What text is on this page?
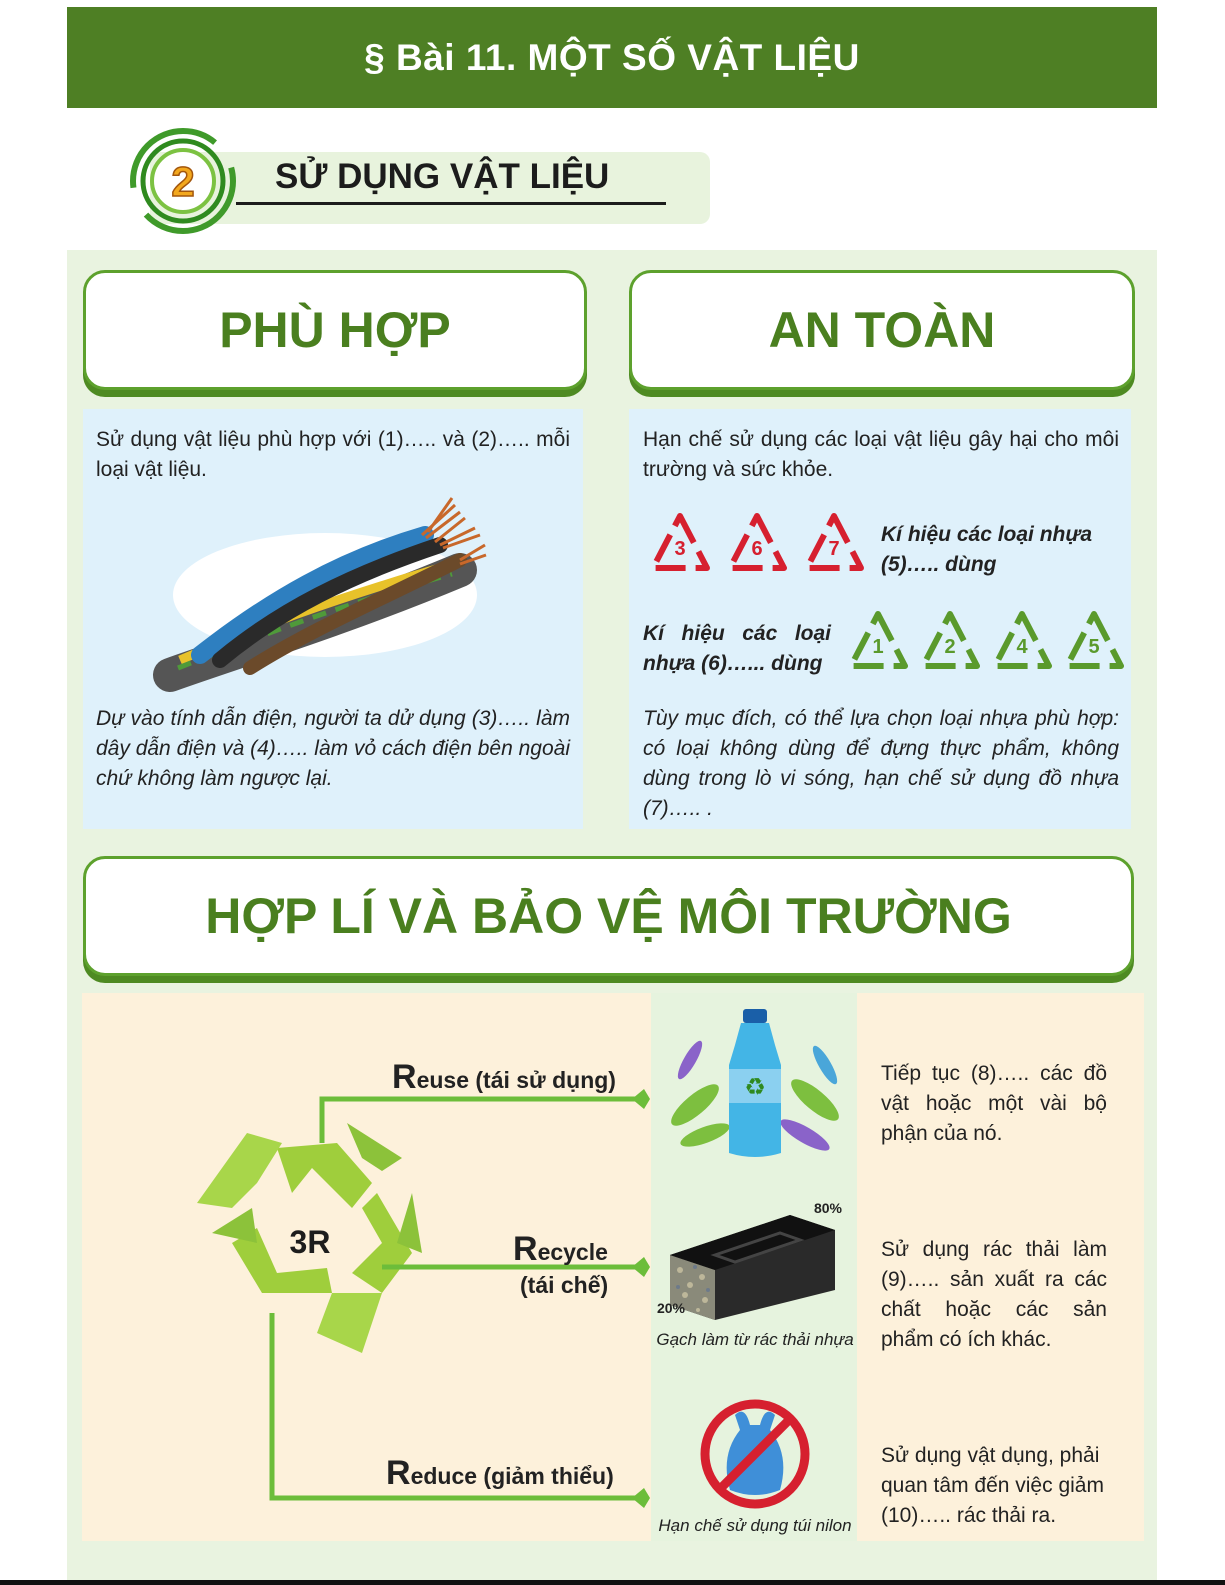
§ Bài 11. MỘT SỐ VẬT LIỆU
2 SỬ DỤNG VẬT LIỆU
PHÙ HỢP
Sử dụng vật liệu phù hợp với (1)….. và (2)….. mỗi loại vật liệu.
Dự vào tính dẫn điện, người ta dử dụng (3)….. làm dây dẫn điện và (4)….. làm vỏ cách điện bên ngoài chứ không làm ngược lại.
AN TOÀN
Hạn chế sử dụng các loại vật liệu gây hại cho môi trường và sức khỏe.
3	6	7
Kí hiệu các loại nhựa (5)….. dùng
Kí hiệu các loại nhựa (6)…... dùng
1	2	4	5
Tùy mục đích, có thể lựa chọn loại nhựa phù hợp: có loại không dùng để đựng thực phẩm, không dùng trong lò vi sóng, hạn chế sử dụng đồ nhựa (7)….. .
HỢP LÍ VÀ BẢO VỆ MÔI TRƯỜNG
3R
Reuse (tái sử dụng)
Recycle
(tái chế)
Reduce (giảm thiểu)
♻
80%
20%
Gạch làm từ rác thải nhựa
Hạn chế sử dụng túi nilon
Tiếp tục (8)….. các đồ vật hoặc một vài bộ phận của nó.
Sử dụng rác thải làm (9)….. sản xuất ra các chất hoặc các sản phẩm có ích khác.
Sử dụng vật dụng, phải quan tâm đến việc giảm (10)….. rác thải ra.
